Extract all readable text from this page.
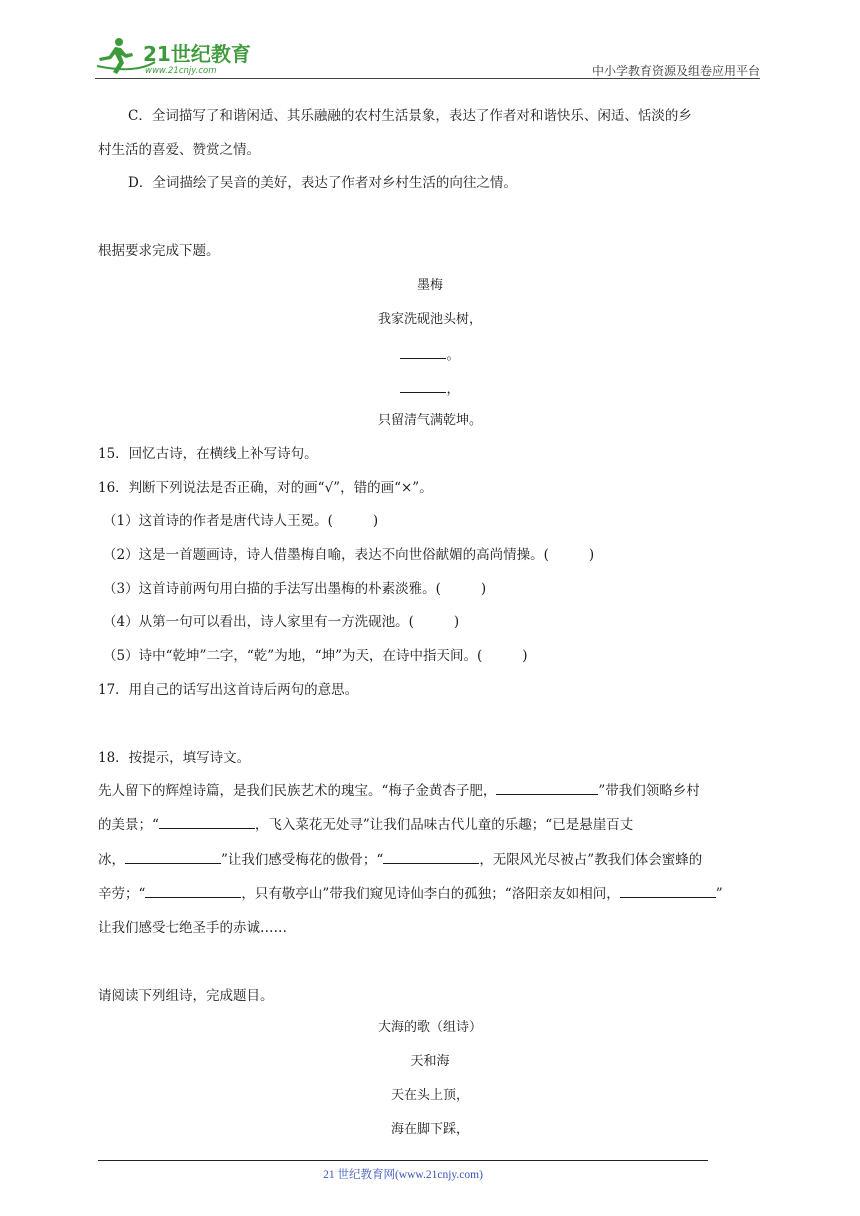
21世纪教育
www.21cnjy.com	中小学教育资源及组卷应用平台
C．全词描写了和谐闲适、其乐融融的农村生活景象，表达了作者对和谐快乐、闲适、恬淡的乡
村生活的喜爱、赞赏之情。
D．全词描绘了吴音的美好，表达了作者对乡村生活的向往之情。
根据要求完成下题。
墨梅
我家洗砚池头树，
。
，
只留清气满乾坤。
15．回忆古诗，在横线上补写诗句。
16．判断下列说法是否正确，对的画“√”，错的画“×”。
（1）这首诗的作者是唐代诗人王冕。(	)
（2）这是一首题画诗，诗人借墨梅自喻，表达不向世俗献媚的高尚情操。(	)
（3）这首诗前两句用白描的手法写出墨梅的朴素淡雅。(	)
（4）从第一句可以看出，诗人家里有一方洗砚池。(	)
（5）诗中“乾坤”二字，“乾”为地，“坤”为天，在诗中指天间。(	)
17．用自己的话写出这首诗后两句的意思。
18．按提示，填写诗文。
先人留下的辉煌诗篇，是我们民族艺术的瑰宝。“梅子金黄杏子肥，	”带我们领略乡村
的美景；“	，飞入菜花无处寻”让我们品味古代儿童的乐趣；“已是悬崖百丈
冰，	”让我们感受梅花的傲骨；“	，无限风光尽被占”教我们体会蜜蜂的
辛劳；“	，只有敬亭山”带我们窥见诗仙李白的孤独；“洛阳亲友如相问，	”
让我们感受七绝圣手的赤诚……
请阅读下列组诗，完成题目。
大海的歌（组诗）
天和海
天在头上顶，
海在脚下踩，
21 世纪教育网(www.21cnjy.com)
